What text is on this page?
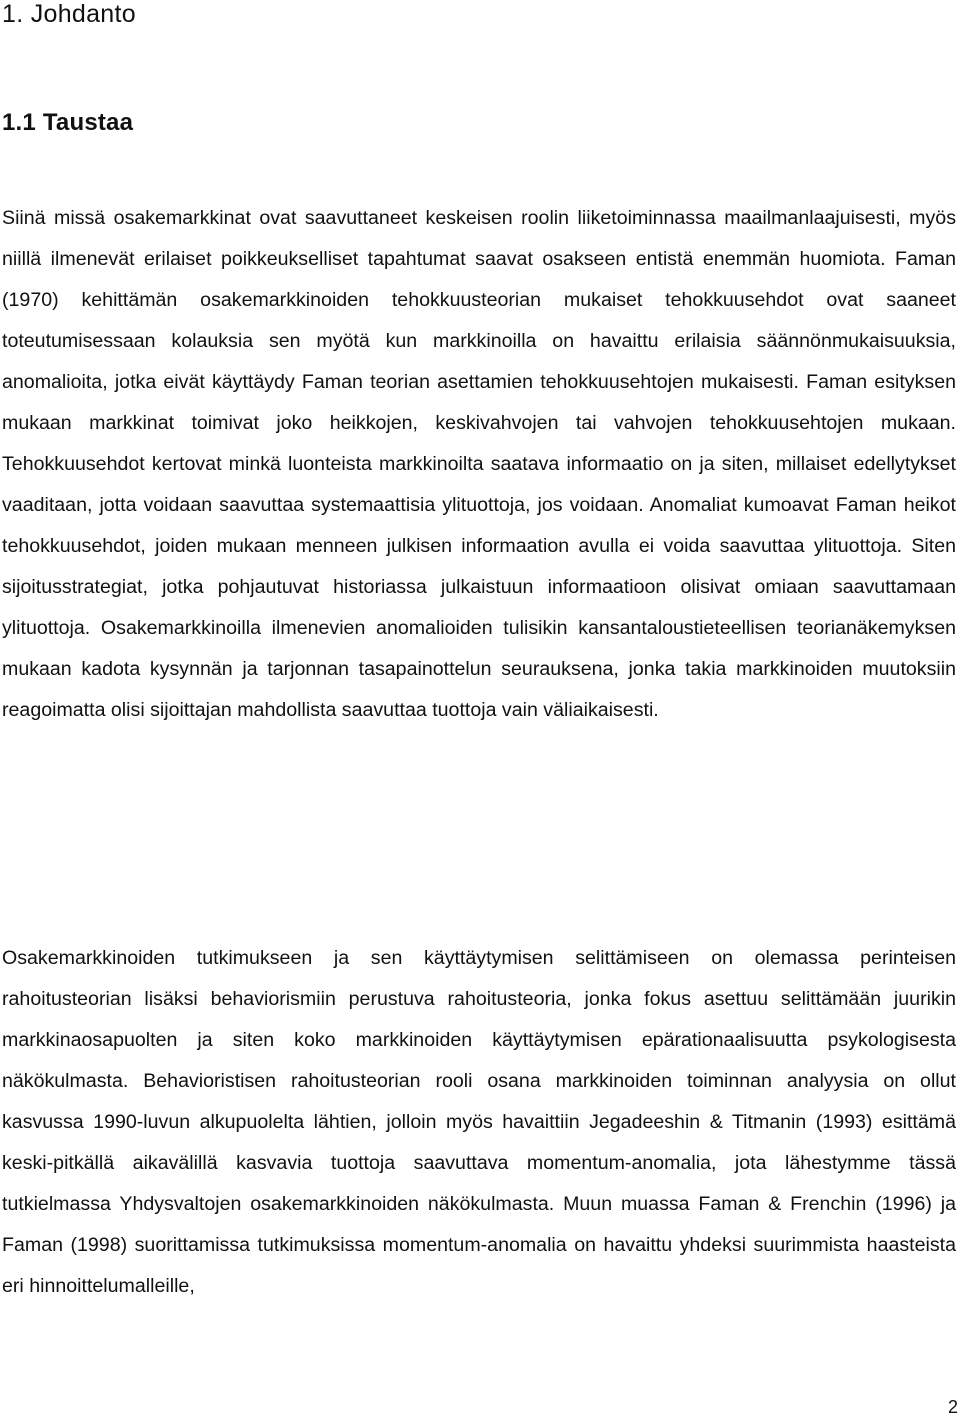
1. Johdanto
1.1 Taustaa

Siinä missä osakemarkkinat ovat saavuttaneet keskeisen roolin liiketoiminnassa maailmanlaajuisesti, myös niillä ilmenevät erilaiset poikkeukselliset tapahtumat saavat osakseen entistä enemmän huomiota. Faman (1970) kehittämän osakemarkkinoiden tehokkuusteorian mukaiset tehokkuusehdot ovat saaneet toteutumisessaan kolauksia sen myötä kun markkinoilla on havaittu erilaisia säännönmukaisuuksia, anomalioita, jotka eivät käyttäydy Faman teorian asettamien tehokkuusehtojen mukaisesti. Faman esityksen mukaan markkinat toimivat joko heikkojen, keskivahvojen tai vahvojen tehokkuusehtojen mukaan. Tehokkuusehdot kertovat minkä luonteista markkinoilta saatava informaatio on ja siten, millaiset edellytykset vaaditaan, jotta voidaan saavuttaa systemaattisia ylituottoja, jos voidaan. Anomaliat kumoavat Faman heikot tehokkuusehdot, joiden mukaan menneen julkisen informaation avulla ei voida saavuttaa ylituottoja. Siten sijoitusstrategiat, jotka pohjautuvat historiassa julkaistuun informaatioon olisivat omiaan saavuttamaan ylituottoja. Osakemarkkinoilla ilmenevien anomalioiden tulisikin kansantaloustieteellisen teorianäkemyksen mukaan kadota kysynnän ja tarjonnan tasapainottelun seurauksena, jonka takia markkinoiden muutoksiin reagoimatta olisi sijoittajan mahdollista saavuttaa tuottoja vain väliaikaisesti.

Osakemarkkinoiden tutkimukseen ja sen käyttäytymisen selittämiseen on olemassa perinteisen rahoitusteorian lisäksi behaviorismiin perustuva rahoitusteoria, jonka fokus asettuu selittämään juurikin markkinaosapuolten ja siten koko markkinoiden käyttäytymisen epärationaalisuutta psykologisesta näkökulmasta. Behavioristisen rahoitusteorian rooli osana markkinoiden toiminnan analyysia on ollut kasvussa 1990-luvun alkupuolelta lähtien, jolloin myös havaittiin Jegadeeshin & Titmanin (1993) esittämä keski-pitkällä aikavälillä kasvavia tuottoja saavuttava momentum-anomalia, jota lähestymme tässä tutkielmassa Yhdysvaltojen osakemarkkinoiden näkökulmasta. Muun muassa Faman & Frenchin (1996) ja Faman (1998) suorittamissa tutkimuksissa momentum-anomalia on havaittu yhdeksi suurimmista haasteista eri hinnoittelumalleille,

2
